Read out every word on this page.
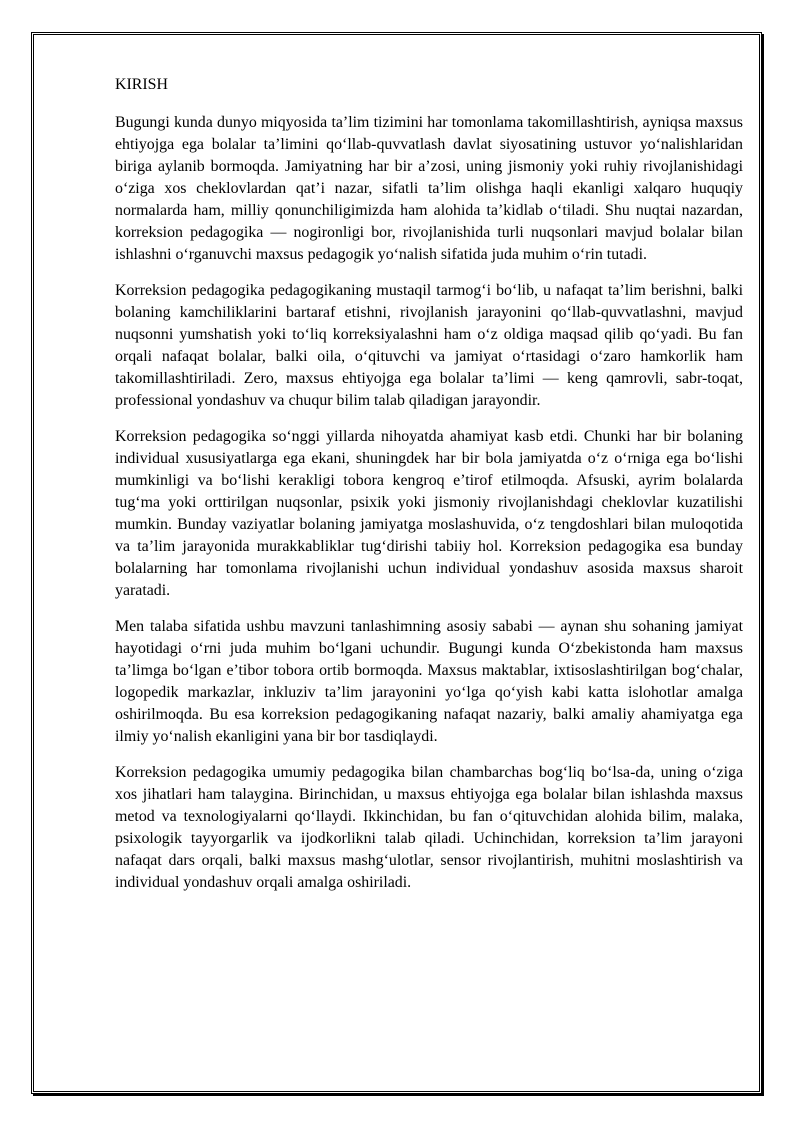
KIRISH

Bugungi kunda dunyo miqyosida ta’lim tizimini har tomonlama takomillashtirish, ayniqsa maxsus ehtiyojga ega bolalar ta’limini qo‘llab-quvvatlash davlat siyosatining ustuvor yo‘nalishlaridan biriga aylanib bormoqda. Jamiyatning har bir a’zosi, uning jismoniy yoki ruhiy rivojlanishidagi o‘ziga xos cheklovlardan qat’i nazar, sifatli ta’lim olishga haqli ekanligi xalqaro huquqiy normalarda ham, milliy qonunchiligimizda ham alohida ta’kidlab o‘tiladi. Shu nuqtai nazardan, korreksion pedagogika — nogironligi bor, rivojlanishida turli nuqsonlari mavjud bolalar bilan ishlashni o‘rganuvchi maxsus pedagogik yo‘nalish sifatida juda muhim o‘rin tutadi.

Korreksion pedagogika pedagogikaning mustaqil tarmog‘i bo‘lib, u nafaqat ta’lim berishni, balki bolaning kamchiliklarini bartaraf etishni, rivojlanish jarayonini qo‘llab-quvvatlashni, mavjud nuqsonni yumshatish yoki to‘liq korreksiyalashni ham o‘z oldiga maqsad qilib qo‘yadi. Bu fan orqali nafaqat bolalar, balki oila, o‘qituvchi va jamiyat o‘rtasidagi o‘zaro hamkorlik ham takomillashtiriladi. Zero, maxsus ehtiyojga ega bolalar ta’limi — keng qamrovli, sabr-toqat, professional yondashuv va chuqur bilim talab qiladigan jarayondir.

Korreksion pedagogika so‘nggi yillarda nihoyatda ahamiyat kasb etdi. Chunki har bir bolaning individual xususiyatlarga ega ekani, shuningdek har bir bola jamiyatda o‘z o‘rniga ega bo‘lishi mumkinligi va bo‘lishi kerakligi tobora kengroq e’tirof etilmoqda. Afsuski, ayrim bolalarda tug‘ma yoki orttirilgan nuqsonlar, psixik yoki jismoniy rivojlanishdagi cheklovlar kuzatilishi mumkin. Bunday vaziyatlar bolaning jamiyatga moslashuvida, o‘z tengdoshlari bilan muloqotida va ta’lim jarayonida murakkabliklar tug‘dirishi tabiiy hol. Korreksion pedagogika esa bunday bolalarning har tomonlama rivojlanishi uchun individual yondashuv asosida maxsus sharoit yaratadi.

Men talaba sifatida ushbu mavzuni tanlashimning asosiy sababi — aynan shu sohaning jamiyat hayotidagi o‘rni juda muhim bo‘lgani uchundir. Bugungi kunda O‘zbekistonda ham maxsus ta’limga bo‘lgan e’tibor tobora ortib bormoqda. Maxsus maktablar, ixtisoslashtirilgan bog‘chalar, logopedik markazlar, inkluziv ta’lim jarayonini yo‘lga qo‘yish kabi katta islohotlar amalga oshirilmoqda. Bu esa korreksion pedagogikaning nafaqat nazariy, balki amaliy ahamiyatga ega ilmiy yo‘nalish ekanligini yana bir bor tasdiqlaydi.

Korreksion pedagogika umumiy pedagogika bilan chambarchas bog‘liq bo‘lsa-da, uning o‘ziga xos jihatlari ham talaygina. Birinchidan, u maxsus ehtiyojga ega bolalar bilan ishlashda maxsus metod va texnologiyalarni qo‘llaydi. Ikkinchidan, bu fan o‘qituvchidan alohida bilim, malaka, psixologik tayyorgarlik va ijodkorlikni talab qiladi. Uchinchidan, korreksion ta’lim jarayoni nafaqat dars orqali, balki maxsus mashg‘ulotlar, sensor rivojlantirish, muhitni moslashtirish va individual yondashuv orqali amalga oshiriladi.
